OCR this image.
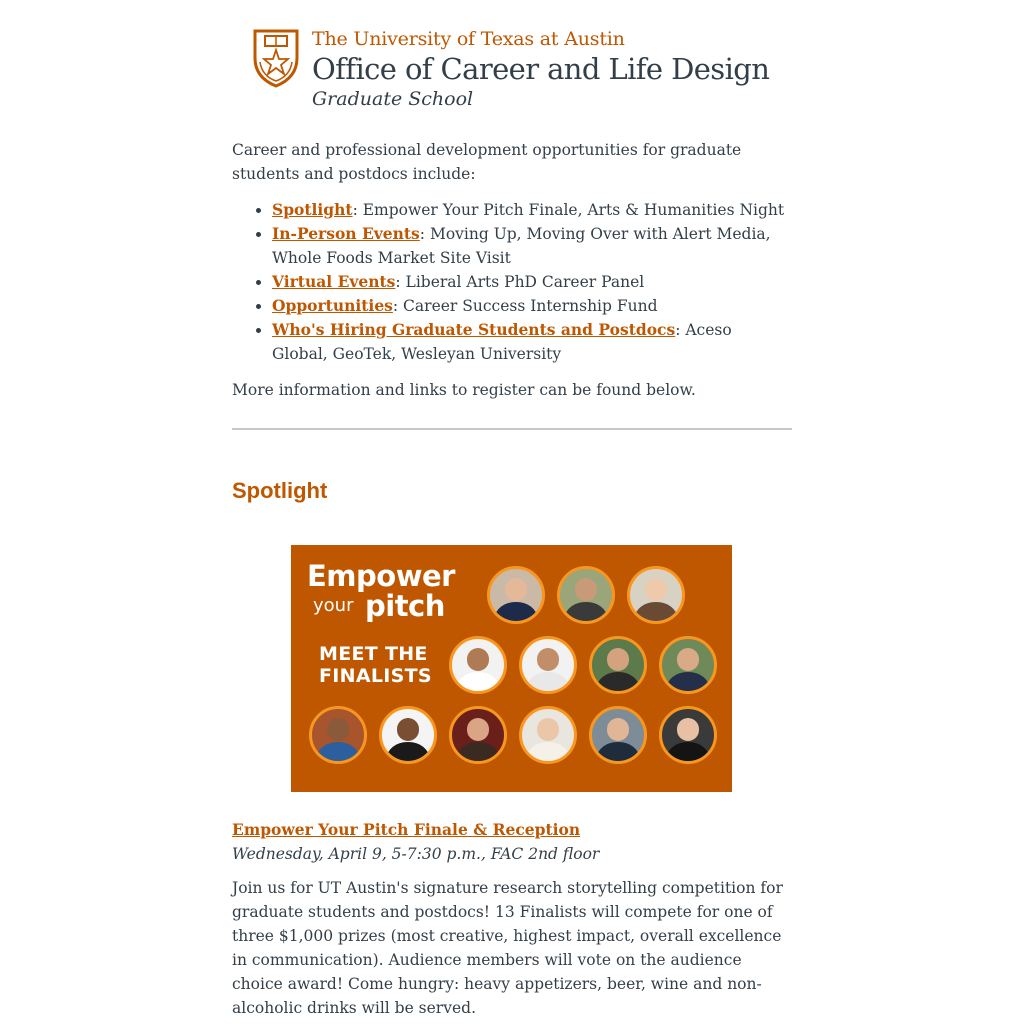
The University of Texas at Austin
Office of Career and Life Design
Graduate School

Career and professional development opportunities for graduate students and postdocs include:

• Spotlight: Empower Your Pitch Finale, Arts & Humanities Night
• In-Person Events: Moving Up, Moving Over with Alert Media, Whole Foods Market Site Visit
• Virtual Events: Liberal Arts PhD Career Panel
• Opportunities: Career Success Internship Fund
• Who's Hiring Graduate Students and Postdocs: Aceso Global, GeoTek, Wesleyan University

More information and links to register can be found below.

Spotlight
Empower
your pitch
MEET THE
FINALISTS
Empower Your Pitch Finale & Reception
Wednesday, April 9, 5-7:30 p.m., FAC 2nd floor
Join us for UT Austin's signature research storytelling competition for graduate students and postdocs! 13 Finalists will compete for one of three $1,000 prizes (most creative, highest impact, overall excellence in communication). Audience members will vote on the audience choice award! Come hungry: heavy appetizers, beer, wine and non-alcoholic drinks will be served.
